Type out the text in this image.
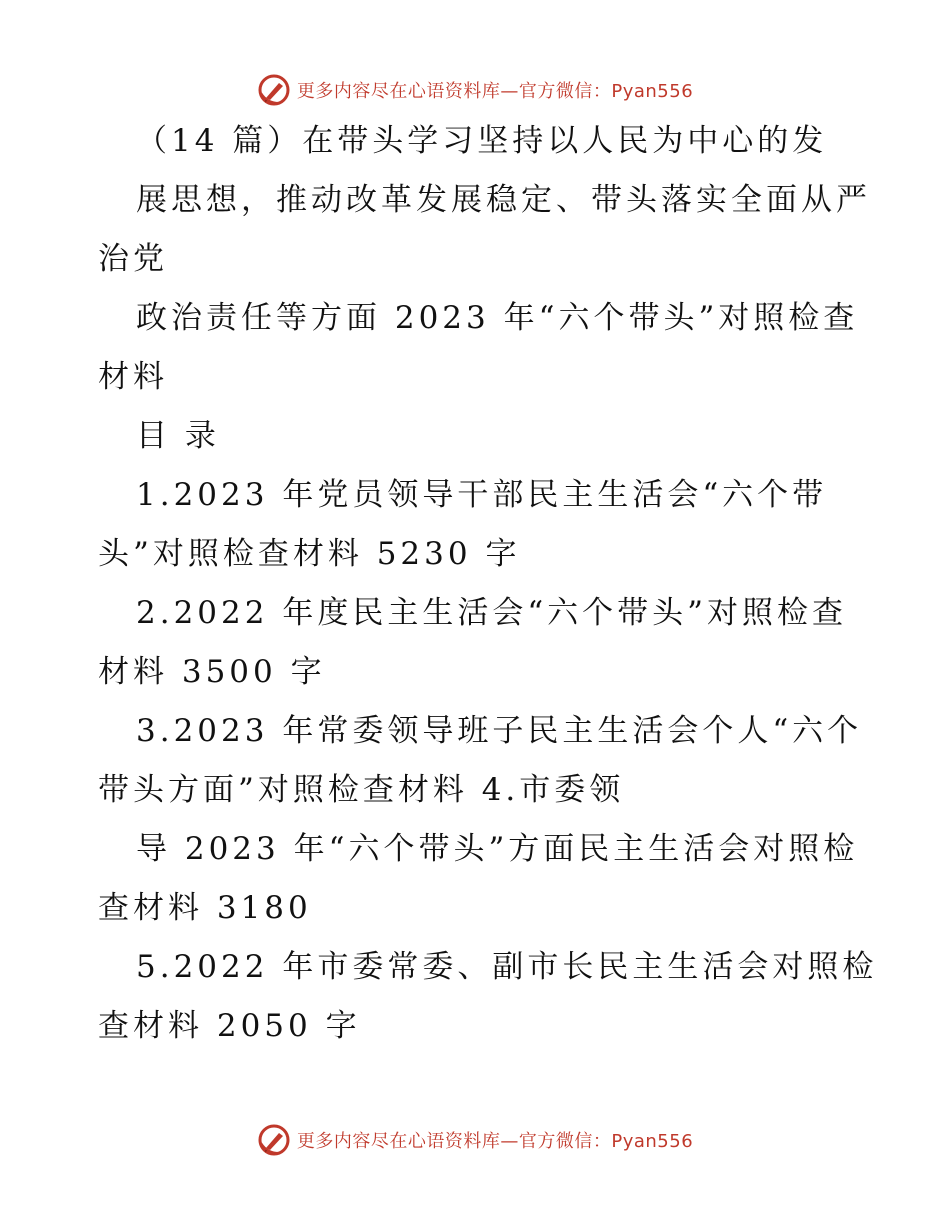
更多内容尽在心语资料库—官方微信：Pyan556
（14 篇）在带头学习坚持以人民为中心的发
展思想，推动改革发展稳定、带头落实全面从严
治党
政治责任等方面 2023 年“六个带头”对照检查
材料
目 录
1.2023 年党员领导干部民主生活会“六个带
头”对照检查材料 5230 字
2.2022 年度民主生活会“六个带头”对照检查
材料 3500 字
3.2023 年常委领导班子民主生活会个人“六个
带头方面”对照检查材料 4.市委领
导 2023 年“六个带头”方面民主生活会对照检
查材料 3180
5.2022 年市委常委、副市长民主生活会对照检
查材料 2050 字
更多内容尽在心语资料库—官方微信：Pyan556
